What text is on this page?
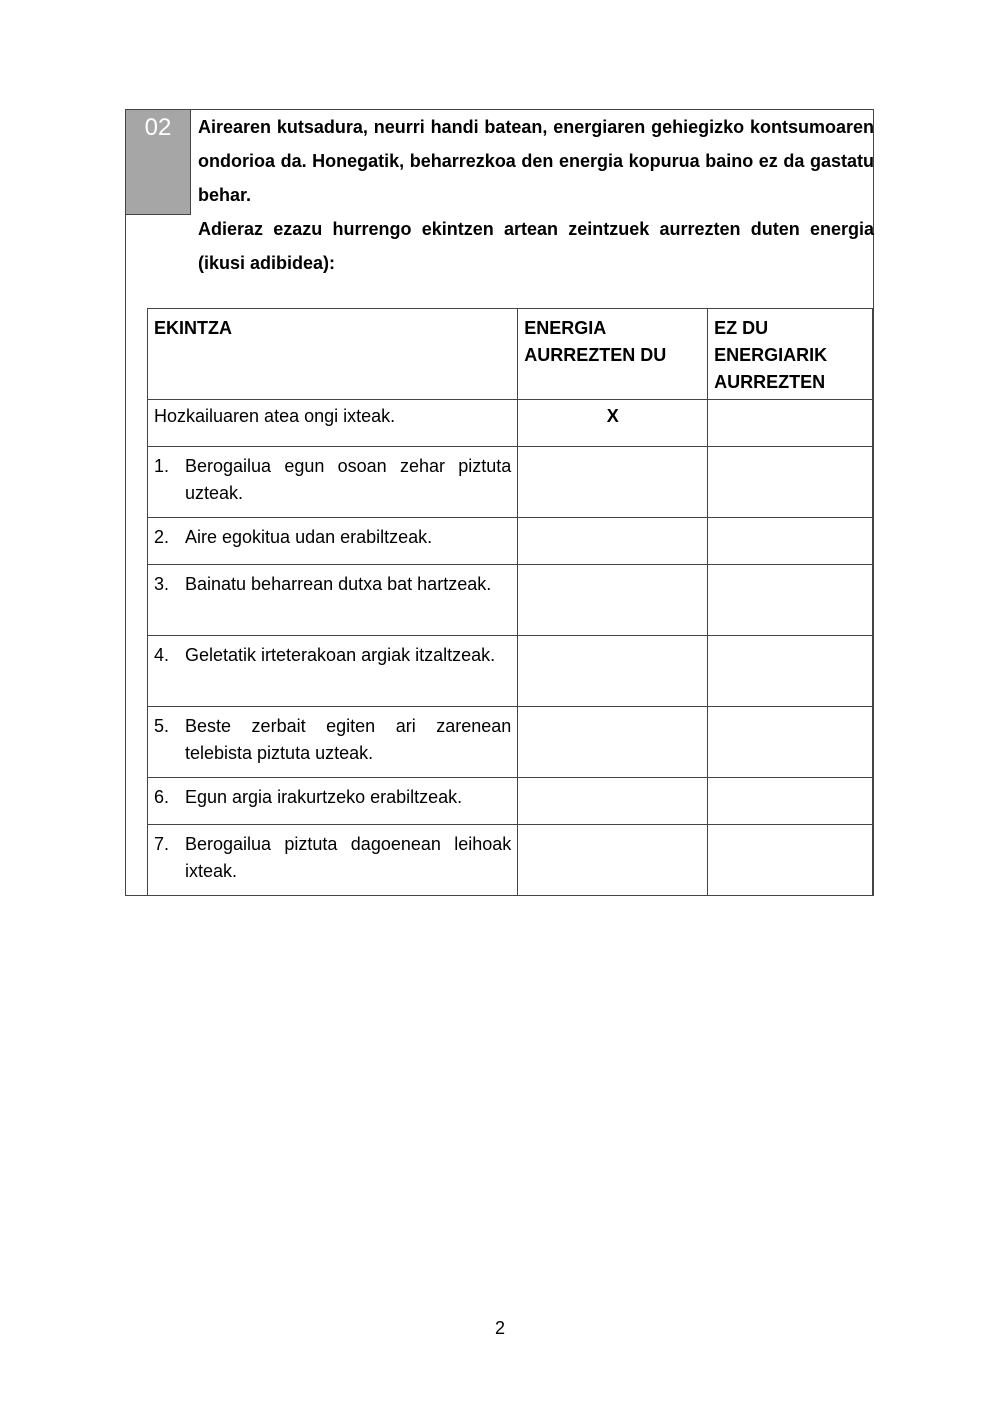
02	Airearen kutsadura, neurri handi batean, energiaren gehiegizko kontsumoaren ondorioa da. Honegatik, beharrezkoa den energia kopurua baino ez da gastatu behar.

Adieraz ezazu hurrengo ekintzen artean zeintzuek aurrezten duten energia (ikusi adibidea):

EKINTZA	ENERGIA AURREZTEN DU	EZ DU ENERGIARIK AURREZTEN
Hozkailuaren atea ongi ixteak.	X	

1. Berogailua egun osoan zehar piztuta uzteak.		

2. Aire egokitua udan erabiltzeak.		

3. Bainatu beharrean dutxa bat hartzeak.		

4. Geletatik irteterakoan argiak itzaltzeak.		

5. Beste zerbait egiten ari zarenean telebista piztuta uzteak.		

6. Egun argia irakurtzeko erabiltzeak.		

7. Berogailua piztuta dagoenean leihoak ixteak.		

2
